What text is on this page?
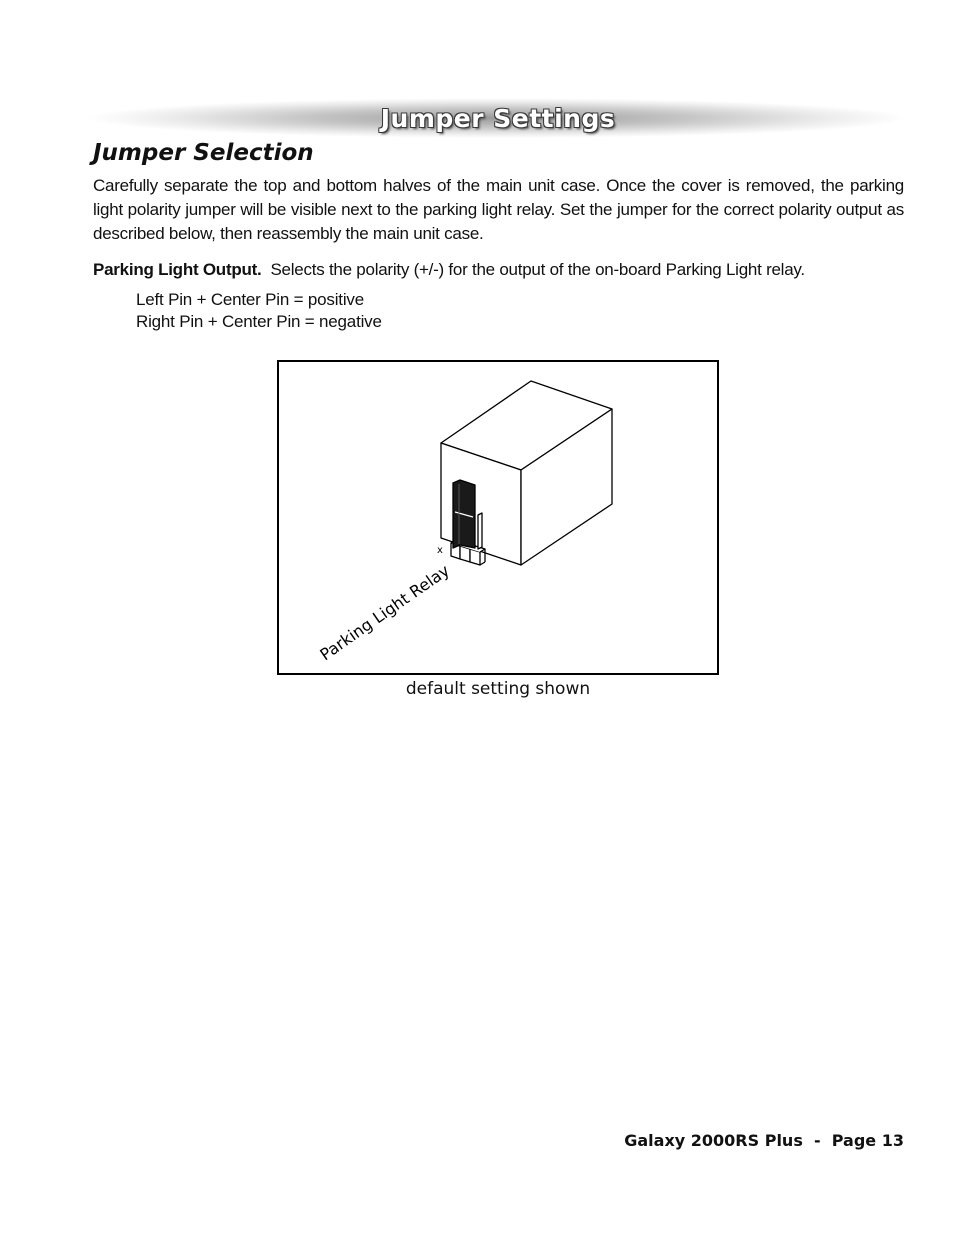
Jumper Settings
Jumper Selection

Carefully separate the top and bottom halves of the main unit case. Once the cover is removed, the parking light polarity jumper will be visible next to the parking light relay. Set the jumper for the correct polarity output as described below, then reassembly the main unit case.

Parking Light Output. Selects the polarity (+/-) for the output of the on-board Parking Light relay.

Left Pin + Center Pin = positive
Right Pin + Center Pin = negative
x
Parking Light Relay
default setting shown
Galaxy 2000RS Plus  -  Page 13
